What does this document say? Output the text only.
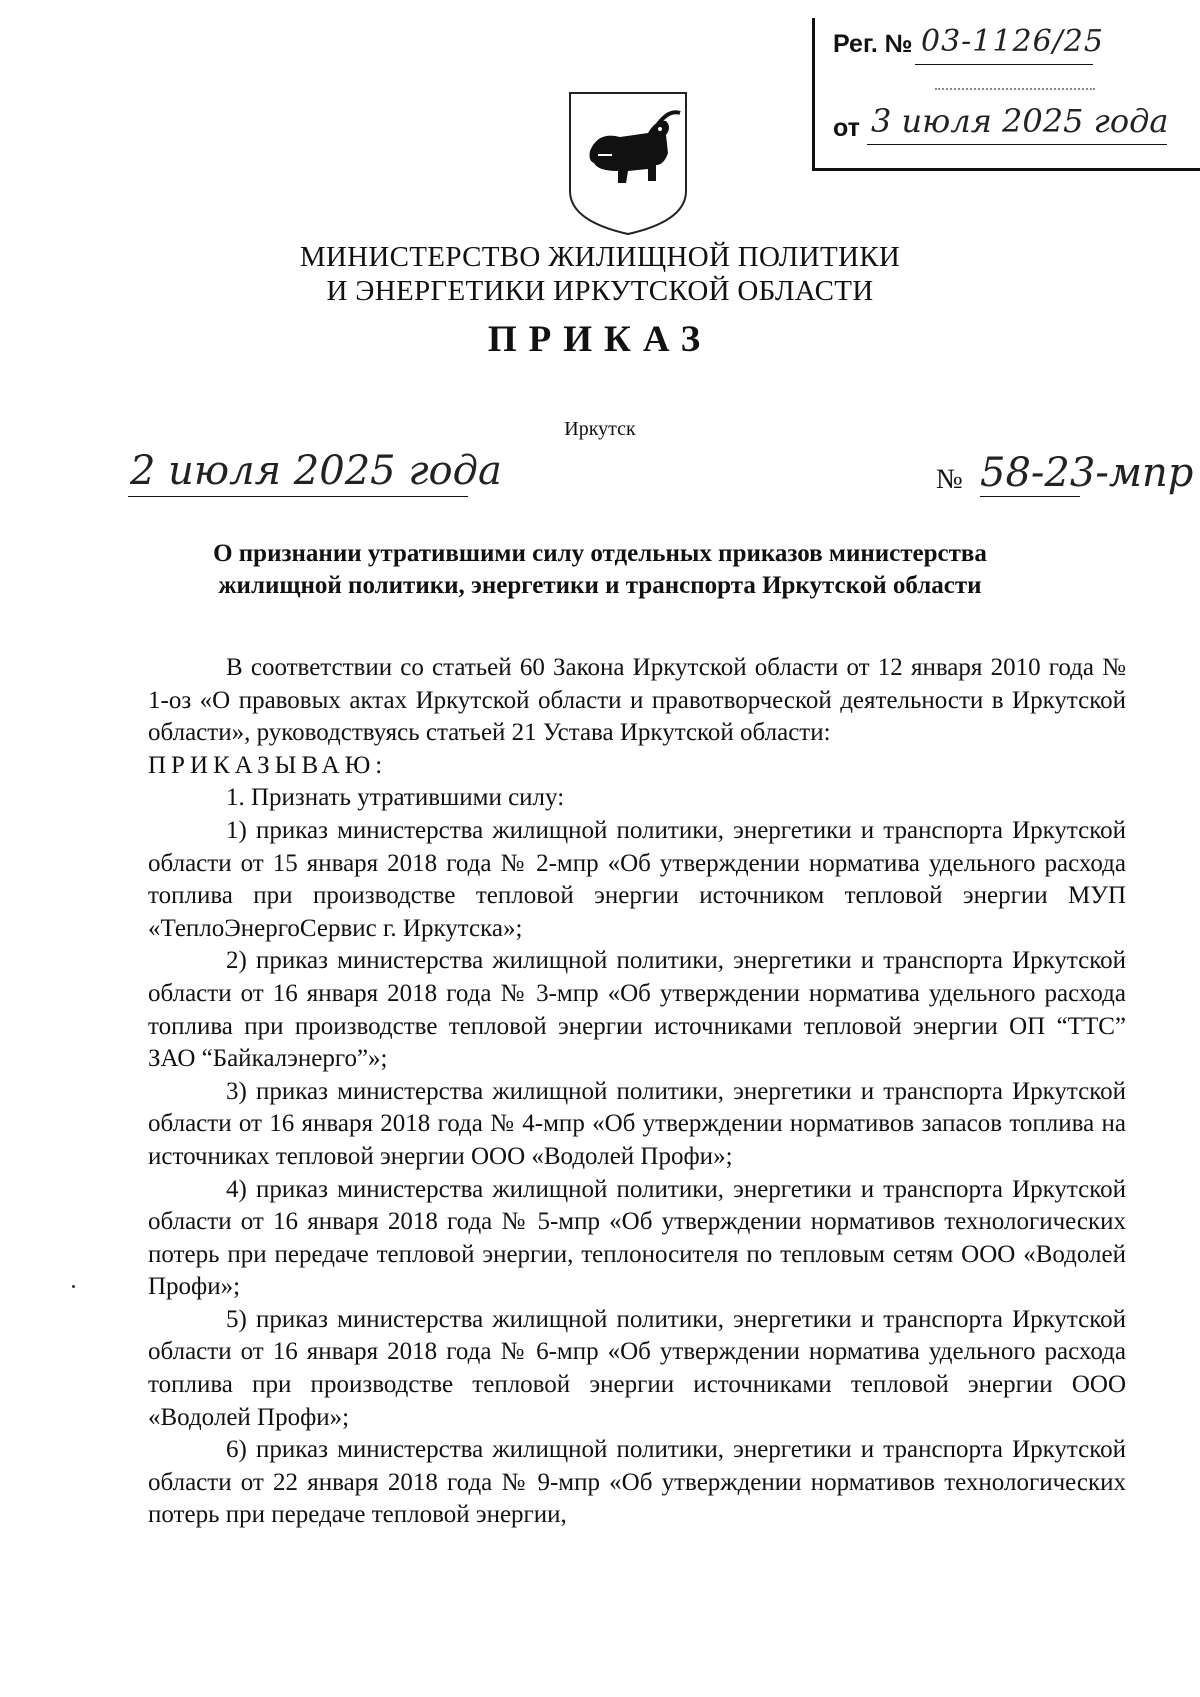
Рег. № 03-1126/25
от 3 июля 2025 года
МИНИСТЕРСТВО ЖИЛИЩНОЙ ПОЛИТИКИ
И ЭНЕРГЕТИКИ ИРКУТСКОЙ ОБЛАСТИ
ПРИКАЗ
Иркутск
2 июля 2025 года	№ 58-23-мпр
О признании утратившими силу отдельных приказов министерства
жилищной политики, энергетики и транспорта Иркутской области

В соответствии со статьей 60 Закона Иркутской области от 12 января 2010 года № 1-оз «О правовых актах Иркутской области и правотворческой деятельности в Иркутской области», руководствуясь статьей 21 Устава Иркутской области:

ПРИКАЗЫВАЮ:

1. Признать утратившими силу:

1) приказ министерства жилищной политики, энергетики и транспорта Иркутской области от 15 января 2018 года № 2-мпр «Об утверждении норматива удельного расхода топлива при производстве тепловой энергии источником тепловой энергии МУП «ТеплоЭнергоСервис г. Иркутска»;

2) приказ министерства жилищной политики, энергетики и транспорта Иркутской области от 16 января 2018 года № 3-мпр «Об утверждении норматива удельного расхода топлива при производстве тепловой энергии источниками тепловой энергии ОП “ТТС” ЗАО “Байкалэнерго”»;

3) приказ министерства жилищной политики, энергетики и транспорта Иркутской области от 16 января 2018 года № 4-мпр «Об утверждении нормативов запасов топлива на источниках тепловой энергии ООО «Водолей Профи»;

4) приказ министерства жилищной политики, энергетики и транспорта Иркутской области от 16 января 2018 года № 5-мпр «Об утверждении нормативов технологических потерь при передаче тепловой энергии, теплоносителя по тепловым сетям ООО «Водолей Профи»;

5) приказ министерства жилищной политики, энергетики и транспорта Иркутской области от 16 января 2018 года № 6-мпр «Об утверждении норматива удельного расхода топлива при производстве тепловой энергии источниками тепловой энергии ООО «Водолей Профи»;

6) приказ министерства жилищной политики, энергетики и транспорта Иркутской области от 22 января 2018 года № 9-мпр «Об утверждении нормативов технологических потерь при передаче тепловой энергии,
